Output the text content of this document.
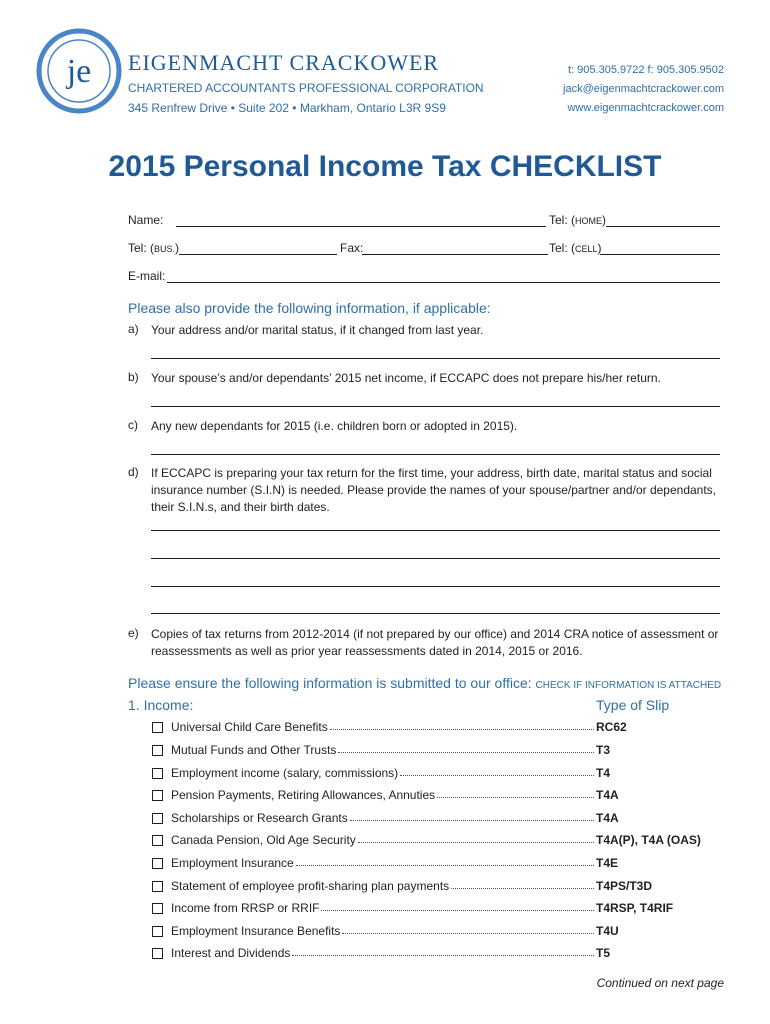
je EIGENMACHT CRACKOWER
CHARTERED ACCOUNTANTS PROFESSIONAL CORPORATION
345 Renfrew Drive • Suite 202 • Markham, Ontario L3R 9S9
t: 905.305.9722 f: 905.305.9502
jack@eigenmachtcrackower.com
www.eigenmachtcrackower.com
2015 Personal Income Tax CHECKLIST
Name:	Tel: (HOME)
Tel: (BUS.)	Fax:	Tel: (CELL)
E-mail:
Please also provide the following information, if applicable:
a) Your address and/or marital status, if it changed from last year.
b) Your spouse’s and/or dependants’ 2015 net income, if ECCAPC does not prepare his/her return.
c) Any new dependants for 2015 (i.e. children born or adopted in 2015).
d) If ECCAPC is preparing your tax return for the first time, your address, birth date, marital status and social insurance number (S.I.N) is needed. Please provide the names of your spouse/partner and/or dependants, their S.I.N.s, and their birth dates.
e) Copies of tax returns from 2012-2014 (if not prepared by our office) and 2014 CRA notice of assessment or reassessments as well as prior year reassessments dated in 2014, 2015 or 2016.
Please ensure the following information is submitted to our office: CHECK IF INFORMATION IS ATTACHED
1. Income:	Type of Slip
Universal Child Care Benefits	RC62
Mutual Funds and Other Trusts	T3
Employment income (salary, commissions)	T4
Pension Payments, Retiring Allowances, Annuties	T4A
Scholarships or Research Grants	T4A
Canada Pension, Old Age Security	T4A(P), T4A (OAS)
Employment Insurance	T4E
Statement of employee profit-sharing plan payments	T4PS/T3D
Income from RRSP or RRIF	T4RSP, T4RIF
Employment Insurance Benefits	T4U
Interest and Dividends	T5
Continued on next page
